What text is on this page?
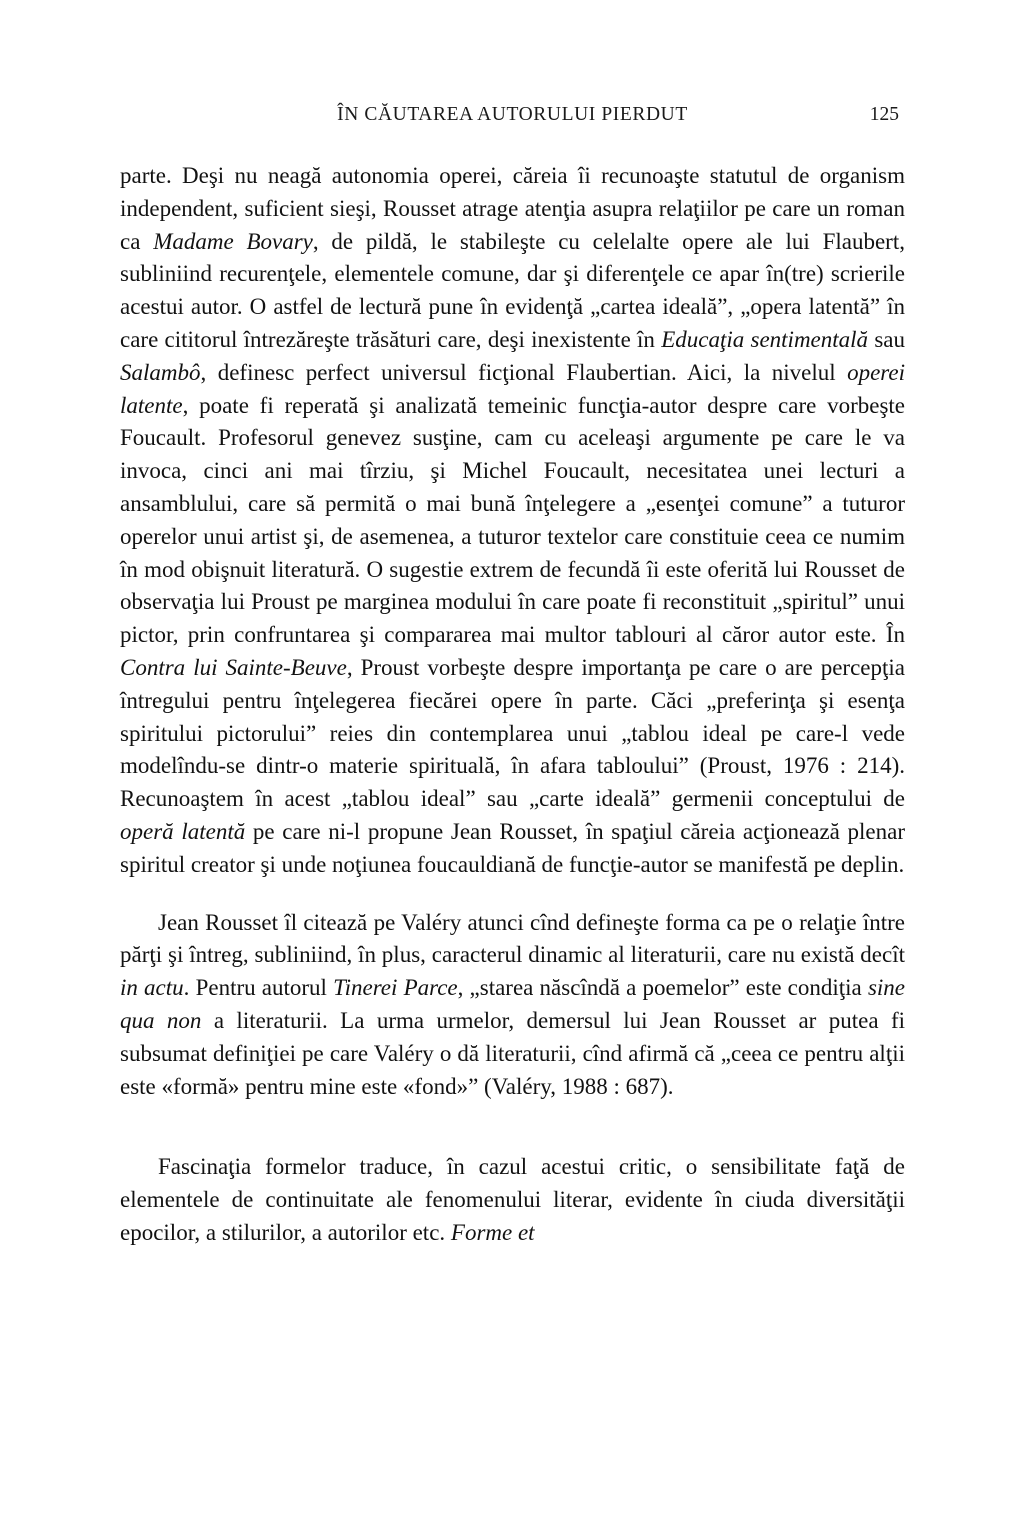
ÎN CĂUTAREA AUTORULUI PIERDUT	125

parte. Deşi nu neagă autonomia operei, căreia îi recunoaşte statutul de organism independent, suficient sieşi, Rousset atrage atenţia asupra relaţiilor pe care un roman ca Madame Bovary, de pildă, le stabileşte cu celelalte opere ale lui Flaubert, subliniind recurenţele, elementele comune, dar şi diferenţele ce apar în(tre) scrierile acestui autor. O astfel de lectură pune în evidenţă „cartea ideală”, „opera latentă” în care cititorul întrezăreşte trăsături care, deşi inexistente în Educaţia sentimentală sau Salambô, definesc perfect universul ficţional Flaubertian. Aici, la nivelul operei latente, poate fi reperată şi analizată temeinic funcţia-autor despre care vorbeşte Foucault. Profesorul genevez susţine, cam cu aceleaşi argumente pe care le va invoca, cinci ani mai tîrziu, şi Michel Foucault, necesitatea unei lecturi a ansamblului, care să permită o mai bună înţelegere a „esenţei comune” a tuturor operelor unui artist şi, de asemenea, a tuturor textelor care constituie ceea ce numim în mod obişnuit literatură. O sugestie extrem de fecundă îi este oferită lui Rousset de observaţia lui Proust pe marginea modului în care poate fi reconstituit „spiritul” unui pictor, prin confruntarea şi compararea mai multor tablouri al căror autor este. În Contra lui Sainte-Beuve, Proust vorbeşte despre importanţa pe care o are percepţia întregului pentru înţelegerea fiecărei opere în parte. Căci „preferinţa şi esenţa spiritului pictorului” reies din contemplarea unui „tablou ideal pe care-l vede modelîndu-se dintr-o materie spirituală, în afara tabloului” (Proust, 1976 : 214). Recunoaştem în acest „tablou ideal” sau „carte ideală” germenii conceptului de operă latentă pe care ni-l propune Jean Rousset, în spaţiul căreia acţionează plenar spiritul creator şi unde noţiunea foucauldiană de funcţie-autor se manifestă pe deplin.

Jean Rousset îl citează pe Valéry atunci cînd defineşte forma ca pe o relaţie între părţi şi întreg, subliniind, în plus, caracterul dinamic al literaturii, care nu există decît in actu. Pentru autorul Tinerei Parce, „starea născîndă a poemelor” este condiţia sine qua non a literaturii. La urma urmelor, demersul lui Jean Rousset ar putea fi subsumat definiţiei pe care Valéry o dă literaturii, cînd afirmă că „ceea ce pentru alţii este «formă» pentru mine este «fond»” (Valéry, 1988 : 687).

Fascinaţia formelor traduce, în cazul acestui critic, o sensibilitate faţă de elementele de continuitate ale fenomenului literar, evidente în ciuda diversităţii epocilor, a stilurilor, a autorilor etc. Forme et
